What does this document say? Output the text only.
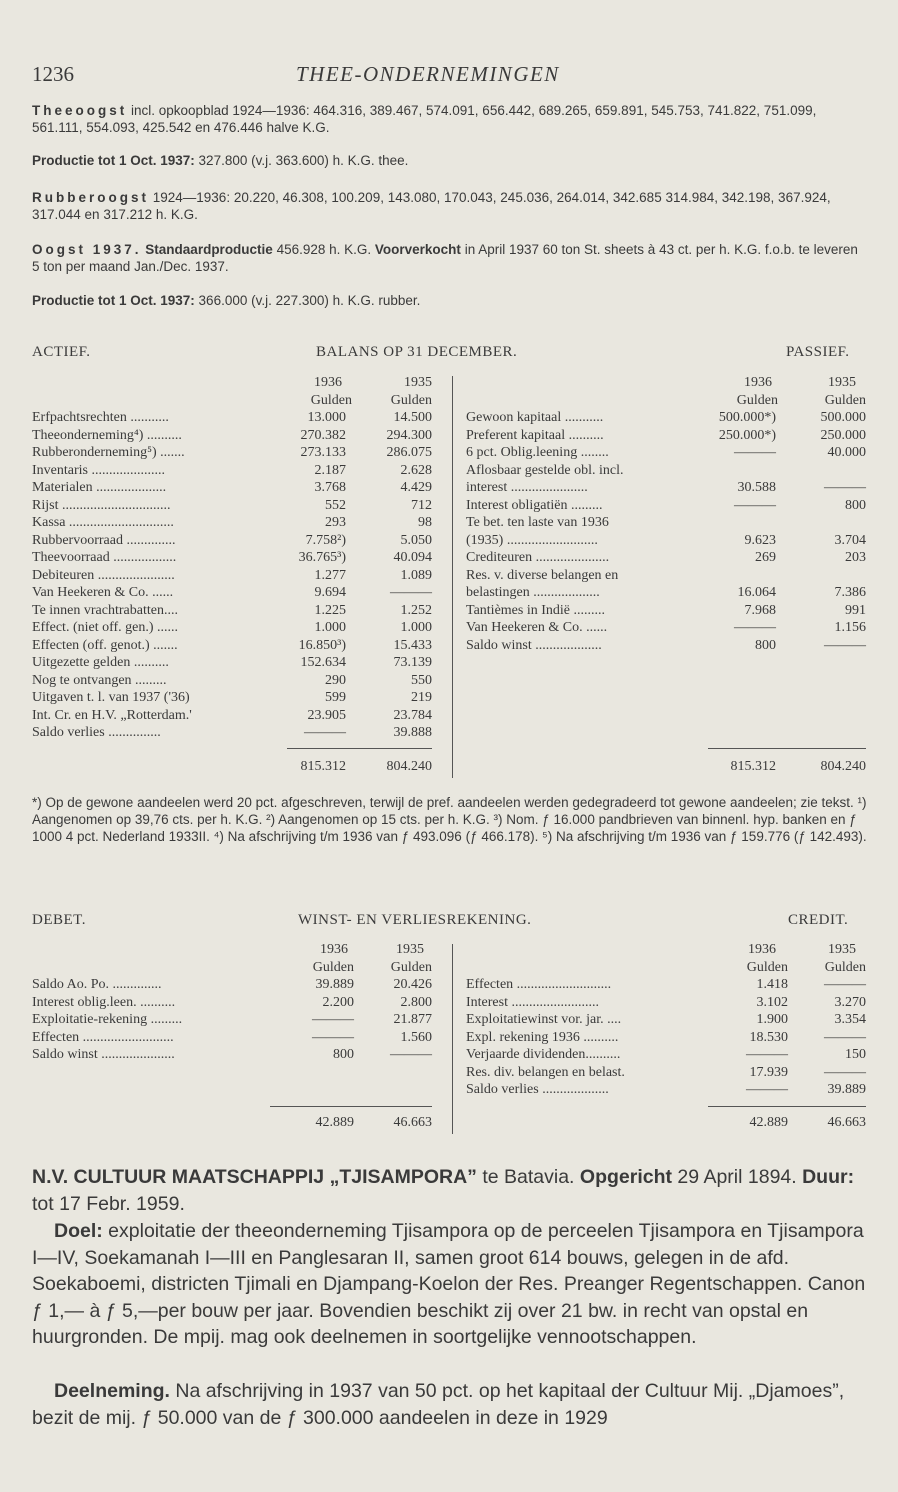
1236	THEE-ONDERNEMINGEN
Theeoogst incl. opkoopblad 1924—1936: 464.316, 389.467, 574.091, 656.442, 689.265, 659.891, 545.753, 741.822, 751.099, 561.111, 554.093, 425.542 en 476.446 halve K.G.
Productie tot 1 Oct. 1937: 327.800 (v.j. 363.600) h. K.G. thee.
Rubberoogst 1924—1936: 20.220, 46.308, 100.209, 143.080, 170.043, 245.036, 264.014, 342.685 314.984, 342.198, 367.924, 317.044 en 317.212 h. K.G.
Oogst 1937. Standaardproductie 456.928 h. K.G. Voorverkocht in April 1937 60 ton St. sheets à 43 ct. per h. K.G. f.o.b. te leveren 5 ton per maand Jan./Dec. 1937.
Productie tot 1 Oct. 1937: 366.000 (v.j. 227.300) h. K.G. rubber.
ACTIEF.	BALANS OP 31 DECEMBER.	PASSIEF.
1936	1935
Gulden	Gulden
Erfpachtsrechten ...........	13.000	14.500
Theeonderneming⁴) ..........	270.382	294.300
Rubberonderneming⁵) .......	273.133	286.075
Inventaris .....................	2.187	2.628
Materialen ....................	3.768	4.429
Rijst ...............................	552	712
Kassa ..............................	293	98
Rubbervoorraad ..............	7.758²)	5.050
Theevoorraad ..................	36.765³)	40.094
Debiteuren ......................	1.277	1.089
Van Heekeren & Co. ......	9.694	———
Te innen vrachtrabatten....	1.225	1.252
Effect. (niet off. gen.) ......	1.000	1.000
Effecten (off. genot.) .......	16.850³)	15.433
Uitgezette gelden ..........	152.634	73.139
Nog te ontvangen .........	290	550
Uitgaven t. l. van 1937 ('36)	599	219
Int. Cr. en H.V. „Rotterdam.'	23.905	23.784
Saldo verlies ...............	———	39.888
1936	1935
Gulden	Gulden
Gewoon kapitaal ...........	500.000*)	500.000
Preferent kapitaal ..........	250.000*)	250.000
6 pct. Oblig.leening ........	———	40.000
Aflosbaar gestelde obl. incl.
interest ......................	30.588	———
Interest obligatiën .........	———	800
Te bet. ten laste van 1936
(1935) ..........................	9.623	3.704
Crediteuren .....................	269	203
Res. v. diverse belangen en
belastingen ...................	16.064	7.386
Tantièmes in Indië .........	7.968	991
Van Heekeren & Co. ......	———	1.156
Saldo winst ...................	800	———
815.312	804.240	815.312	804.240
*) Op de gewone aandeelen werd 20 pct. afgeschreven, terwijl de pref. aandeelen werden gedegradeerd tot gewone aandeelen; zie tekst. ¹) Aangenomen op 39,76 cts. per h. K.G. ²) Aangenomen op 15 cts. per h. K.G. ³) Nom. ƒ 16.000 pandbrieven van binnenl. hyp. banken en ƒ 1000 4 pct. Nederland 1933II. ⁴) Na afschrijving t/m 1936 van ƒ 493.096 (ƒ 466.178). ⁵) Na afschrijving t/m 1936 van ƒ 159.776 (ƒ 142.493).
DEBET.	WINST- EN VERLIESREKENING.	CREDIT.
1936	1935
Gulden	Gulden
Saldo Ao. Po. ..............	39.889	20.426
Interest oblig.leen. ..........	2.200	2.800
Exploitatie-rekening .........	———	21.877
Effecten ..........................	———	1.560
Saldo winst .....................	800	———
1936	1935
Gulden	Gulden
Effecten ...........................	1.418	———
Interest .........................	3.102	3.270
Exploitatiewinst vor. jar. ....	1.900	3.354
Expl. rekening 1936 ..........	18.530	———
Verjaarde dividenden..........	———	150
Res. div. belangen en belast.	17.939	———
Saldo verlies ...................	———	39.889
42.889	46.663	42.889	46.663
N.V. CULTUUR MAATSCHAPPIJ „TJISAMPORA” te Batavia. Opgericht 29 April 1894. Duur: tot 17 Febr. 1959.
Doel: exploitatie der theeonderneming Tjisampora op de perceelen Tjisampora en Tjisampora I—IV, Soekamanah I—III en Panglesaran II, samen groot 614 bouws, gelegen in de afd. Soekaboemi, districten Tjimali en Djampang-Koelon der Res. Preanger Regentschappen. Canon ƒ 1,— à ƒ 5,—per bouw per jaar. Bovendien beschikt zij over 21 bw. in recht van opstal en huurgronden. De mpij. mag ook deelnemen in soortgelijke vennootschappen.
Deelneming. Na afschrijving in 1937 van 50 pct. op het kapitaal der Cultuur Mij. „Djamoes”, bezit de mij. ƒ 50.000 van de ƒ 300.000 aandeelen in deze in 1929
